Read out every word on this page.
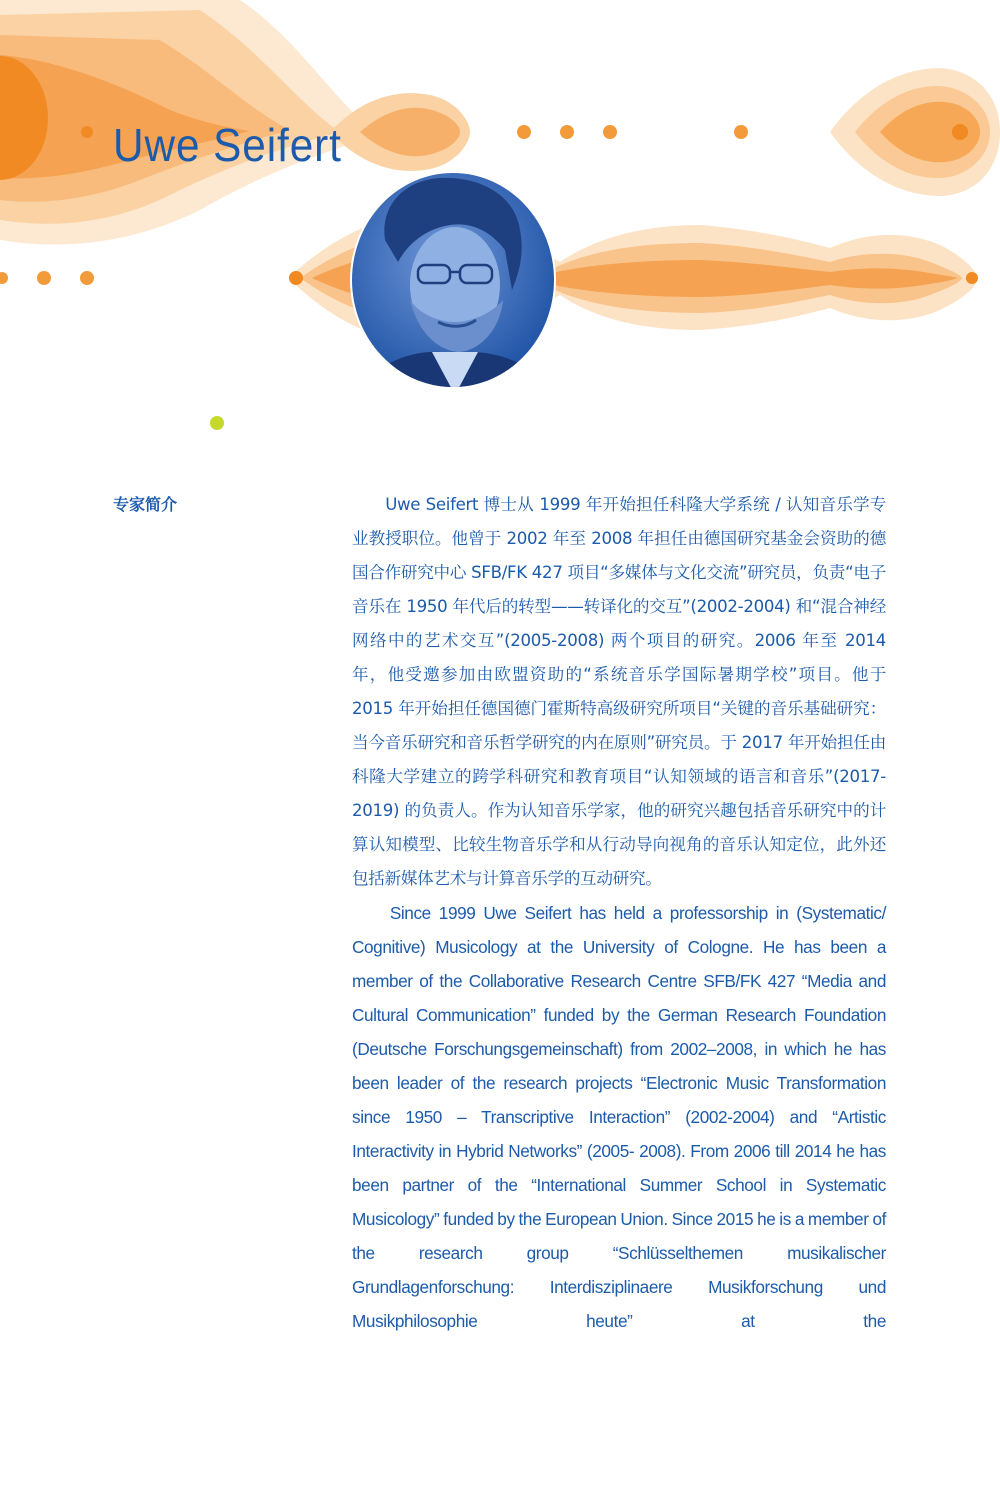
Uwe Seifert
专家简介	Uwe Seifert 博士从 1999 年开始担任科隆大学系统 / 认知音乐学专业教授职位。他曾于 2002 年至 2008 年担任由德国研究基金会资助的德国合作研究中心 SFB/FK 427 项目“多媒体与文化交流”研究员，负责“电子音乐在 1950 年代后的转型——转译化的交互”(2002-2004) 和“混合神经网络中的艺术交互”(2005-2008) 两个项目的研究。2006 年至 2014 年，他受邀参加由欧盟资助的“系统音乐学国际暑期学校”项目。他于 2015 年开始担任德国德门霍斯特高级研究所项目“关键的音乐基础研究：当今音乐研究和音乐哲学研究的内在原则”研究员。于 2017 年开始担任由科隆大学建立的跨学科研究和教育项目“认知领域的语言和音乐”(2017-2019) 的负责人。作为认知音乐学家，他的研究兴趣包括音乐研究中的计算认知模型、比较生物音乐学和从行动导向视角的音乐认知定位，此外还包括新媒体艺术与计算音乐学的互动研究。

Since 1999 Uwe Seifert has held a professorship in (Systematic/ Cognitive) Musicology at the University of Cologne. He has been a member of the Collaborative Research Centre SFB/FK 427 “Media and Cultural Communication” funded by the German Research Foundation (Deutsche Forschungsgemeinschaft) from 2002–2008, in which he has been leader of the research projects “Electronic Music Transformation since 1950 – Transcriptive Interaction” (2002-2004) and “Artistic Interactivity in Hybrid Networks” (2005- 2008). From 2006 till 2014 he has been partner of the “International Summer School in Systematic Musicology” funded by the European Union. Since 2015 he is a member of the research group “Schlüsselthemen musikalischer Grundlagenforschung: Interdisziplinaere Musikforschung und Musikphilosophie heute” at the
